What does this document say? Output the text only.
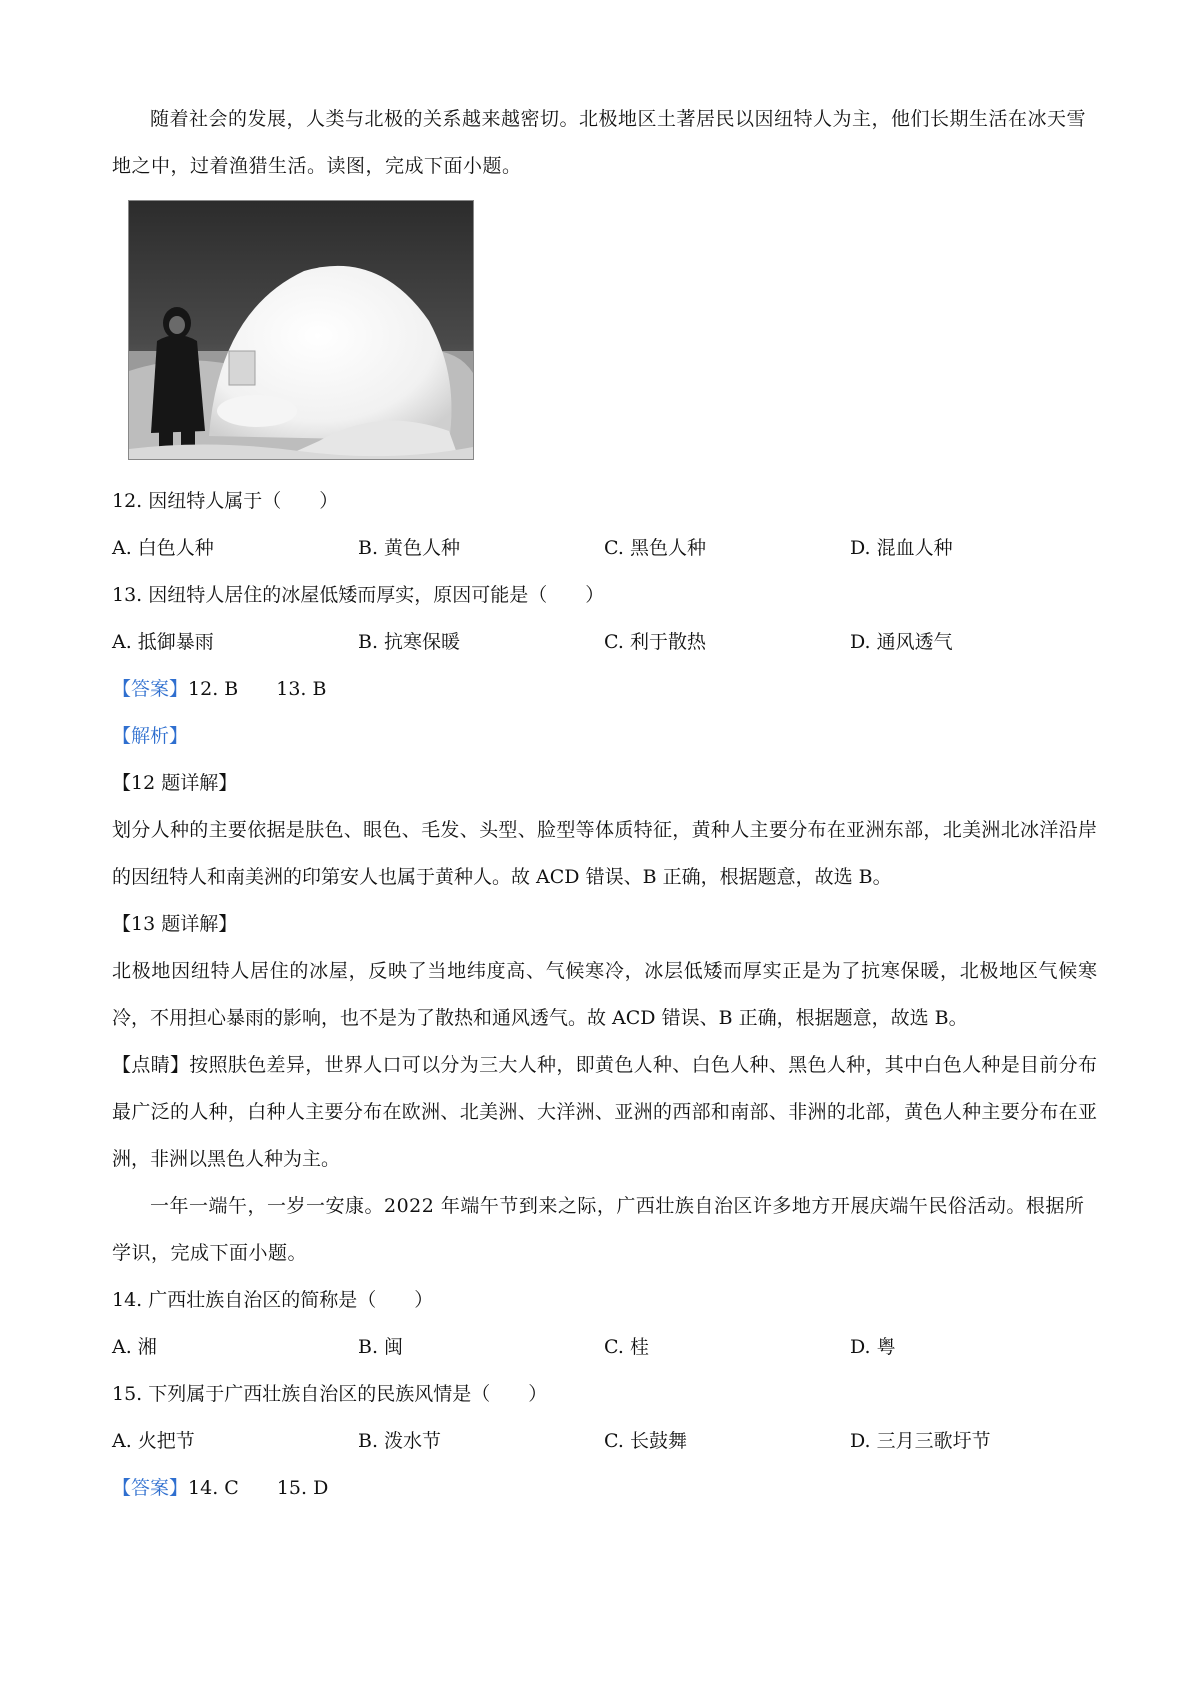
随着社会的发展，人类与北极的关系越来越密切。北极地区土著居民以因纽特人为主，他们长期生活在冰天雪地之中，过着渔猎生活。读图，完成下面小题。

12. 因纽特人属于（　　）

A. 白色人种	B. 黄色人种	C. 黑色人种	D. 混血人种

13. 因纽特人居住的冰屋低矮而厚实，原因可能是（　　）

A. 抵御暴雨	B. 抗寒保暖	C. 利于散热	D. 通风透气

【答案】12. B 13. B

【解析】

【12 题详解】

划分人种的主要依据是肤色、眼色、毛发、头型、脸型等体质特征，黄种人主要分布在亚洲东部，北美洲北冰洋沿岸的因纽特人和南美洲的印第安人也属于黄种人。故 ACD 错误、B 正确，根据题意，故选 B。

【13 题详解】

北极地因纽特人居住的冰屋，反映了当地纬度高、气候寒冷，冰层低矮而厚实正是为了抗寒保暖，北极地区气候寒冷，不用担心暴雨的影响，也不是为了散热和通风透气。故 ACD 错误、B 正确，根据题意，故选 B。

【点睛】按照肤色差异，世界人口可以分为三大人种，即黄色人种、白色人种、黑色人种，其中白色人种是目前分布最广泛的人种，白种人主要分布在欧洲、北美洲、大洋洲、亚洲的西部和南部、非洲的北部，黄色人种主要分布在亚洲，非洲以黑色人种为主。

一年一端午，一岁一安康。2022 年端午节到来之际，广西壮族自治区许多地方开展庆端午民俗活动。根据所学识，完成下面小题。

14. 广西壮族自治区的简称是（　　）

A. 湘	B. 闽	C. 桂	D. 粤

15. 下列属于广西壮族自治区的民族风情是（　　）

A. 火把节	B. 泼水节	C. 长鼓舞	D. 三月三歌圩节

【答案】14. C 15. D
